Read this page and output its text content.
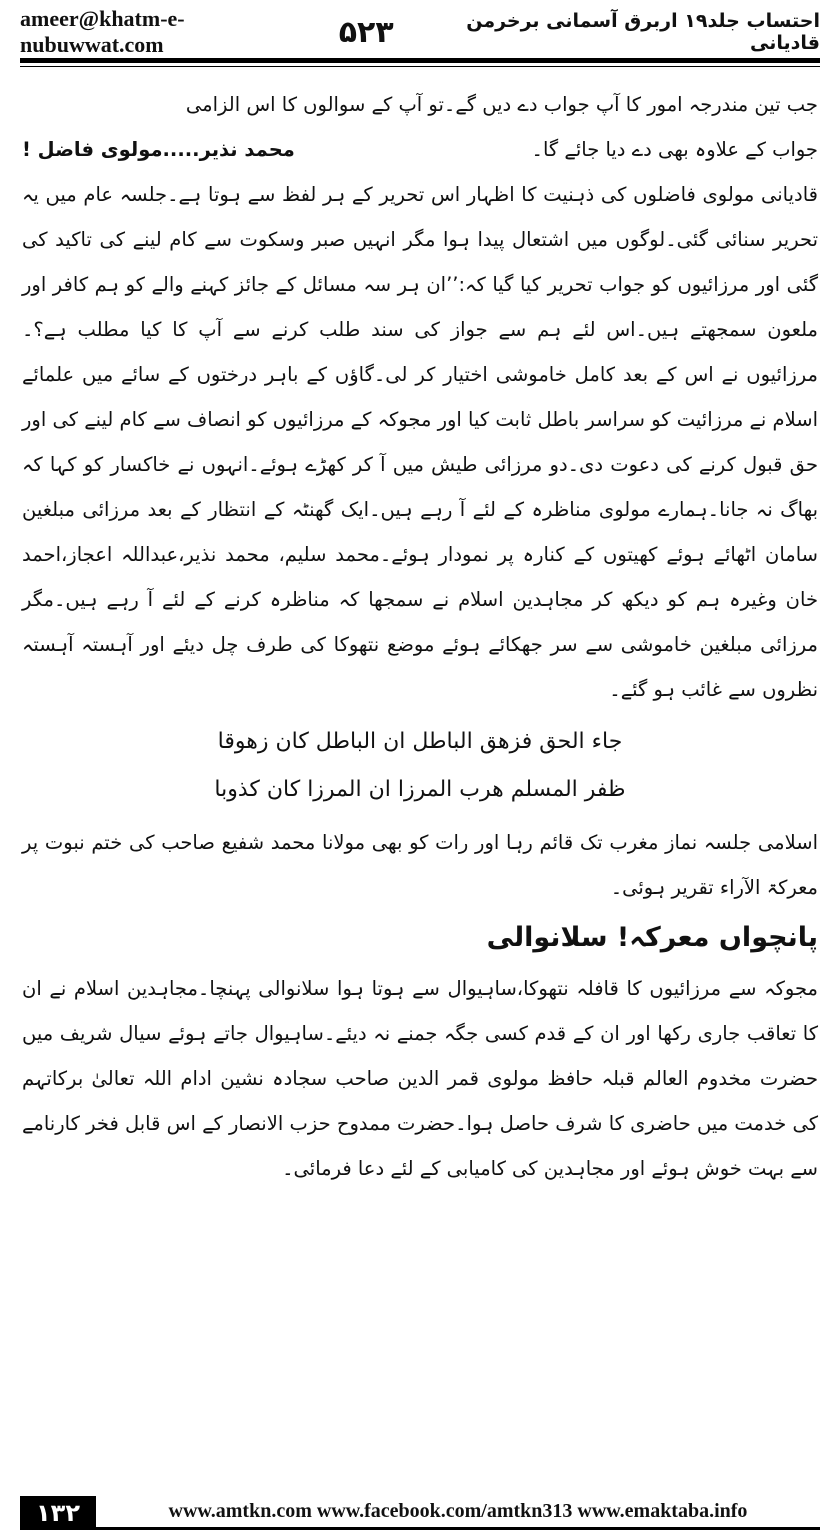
ameer@khatm-e-nubuwwat.com	۵۲۳	احتساب جلد۱۹ اربرق آسمانی برخرمن قادیانی

جب تین مندرجہ امور کا آپ جواب دے دیں گے۔تو آپ کے سوالوں کا اس الزامی

جواب کے علاوہ بھی دے دیا جائے گا۔
محمد نذیر.....مولوی فاضل !

قادیانی مولوی فاضلوں کی ذہنیت کا اظہار اس تحریر کے ہر لفظ سے ہوتا ہے۔جلسہ عام میں یہ تحریر سنائی گئی۔لوگوں میں اشتعال پیدا ہوا مگر انہیں صبر وسکوت سے کام لینے کی تاکید کی گئی اور مرزائیوں کو جواب تحریر کیا گیا کہ:’’ان ہر سہ مسائل کے جائز کہنے والے کو ہم کافر اور ملعون سمجھتے ہیں۔اس لئے ہم سے جواز کی سند طلب کرنے سے آپ کا کیا مطلب ہے؟۔ مرزائیوں نے اس کے بعد کامل خاموشی اختیار کر لی۔گاؤں کے باہر درختوں کے سائے میں علمائے اسلام نے مرزائیت کو سراسر باطل ثابت کیا اور مجوکہ کے مرزائیوں کو انصاف سے کام لینے کی اور حق قبول کرنے کی دعوت دی۔دو مرزائی طیش میں آ کر کھڑے ہوئے۔انہوں نے خاکسار کو کہا کہ بھاگ نہ جانا۔ہمارے مولوی مناظرہ کے لئے آ رہے ہیں۔ایک گھنٹہ کے انتظار کے بعد مرزائی مبلغین سامان اٹھائے ہوئے کھیتوں کے کنارہ پر نمودار ہوئے۔محمد سلیم، محمد نذیر،عبداللہ اعجاز،احمد خان وغیرہ ہم کو دیکھ کر مجاہدین اسلام نے سمجھا کہ مناظرہ کرنے کے لئے آ رہے ہیں۔مگر مرزائی مبلغین خاموشی سے سر جھکائے ہوئے موضع نتھوکا کی طرف چل دیئے اور آہستہ آہستہ نظروں سے غائب ہو گئے۔

جاء الحق فزهق الباطل ان الباطل كان زهوقا
ظفر المسلم هرب المرزا ان المرزا كان كذوبا

اسلامی جلسہ نماز مغرب تک قائم رہا اور رات کو بھی مولانا محمد شفیع صاحب کی ختم نبوت پر معرکۃ الآراء تقریر ہوئی۔

پانچواں معرکہ! سلانوالی

مجوکہ سے مرزائیوں کا قافلہ نتھوکا،ساہیوال سے ہوتا ہوا سلانوالی پہنچا۔مجاہدین اسلام نے ان کا تعاقب جاری رکھا اور ان کے قدم کسی جگہ جمنے نہ دیئے۔ساہیوال جاتے ہوئے سیال شریف میں حضرت مخدوم العالم قبلہ حافظ مولوی قمر الدین صاحب سجادہ نشین ادام اللہ تعالیٰ برکاتہم کی خدمت میں حاضری کا شرف حاصل ہوا۔حضرت ممدوح حزب الانصار کے اس قابل فخر کارنامے سے بہت خوش ہوئے اور مجاہدین کی کامیابی کے لئے دعا فرمائی۔

۱۳۲	www.amtkn.com www.facebook.com/amtkn313 www.emaktaba.info
